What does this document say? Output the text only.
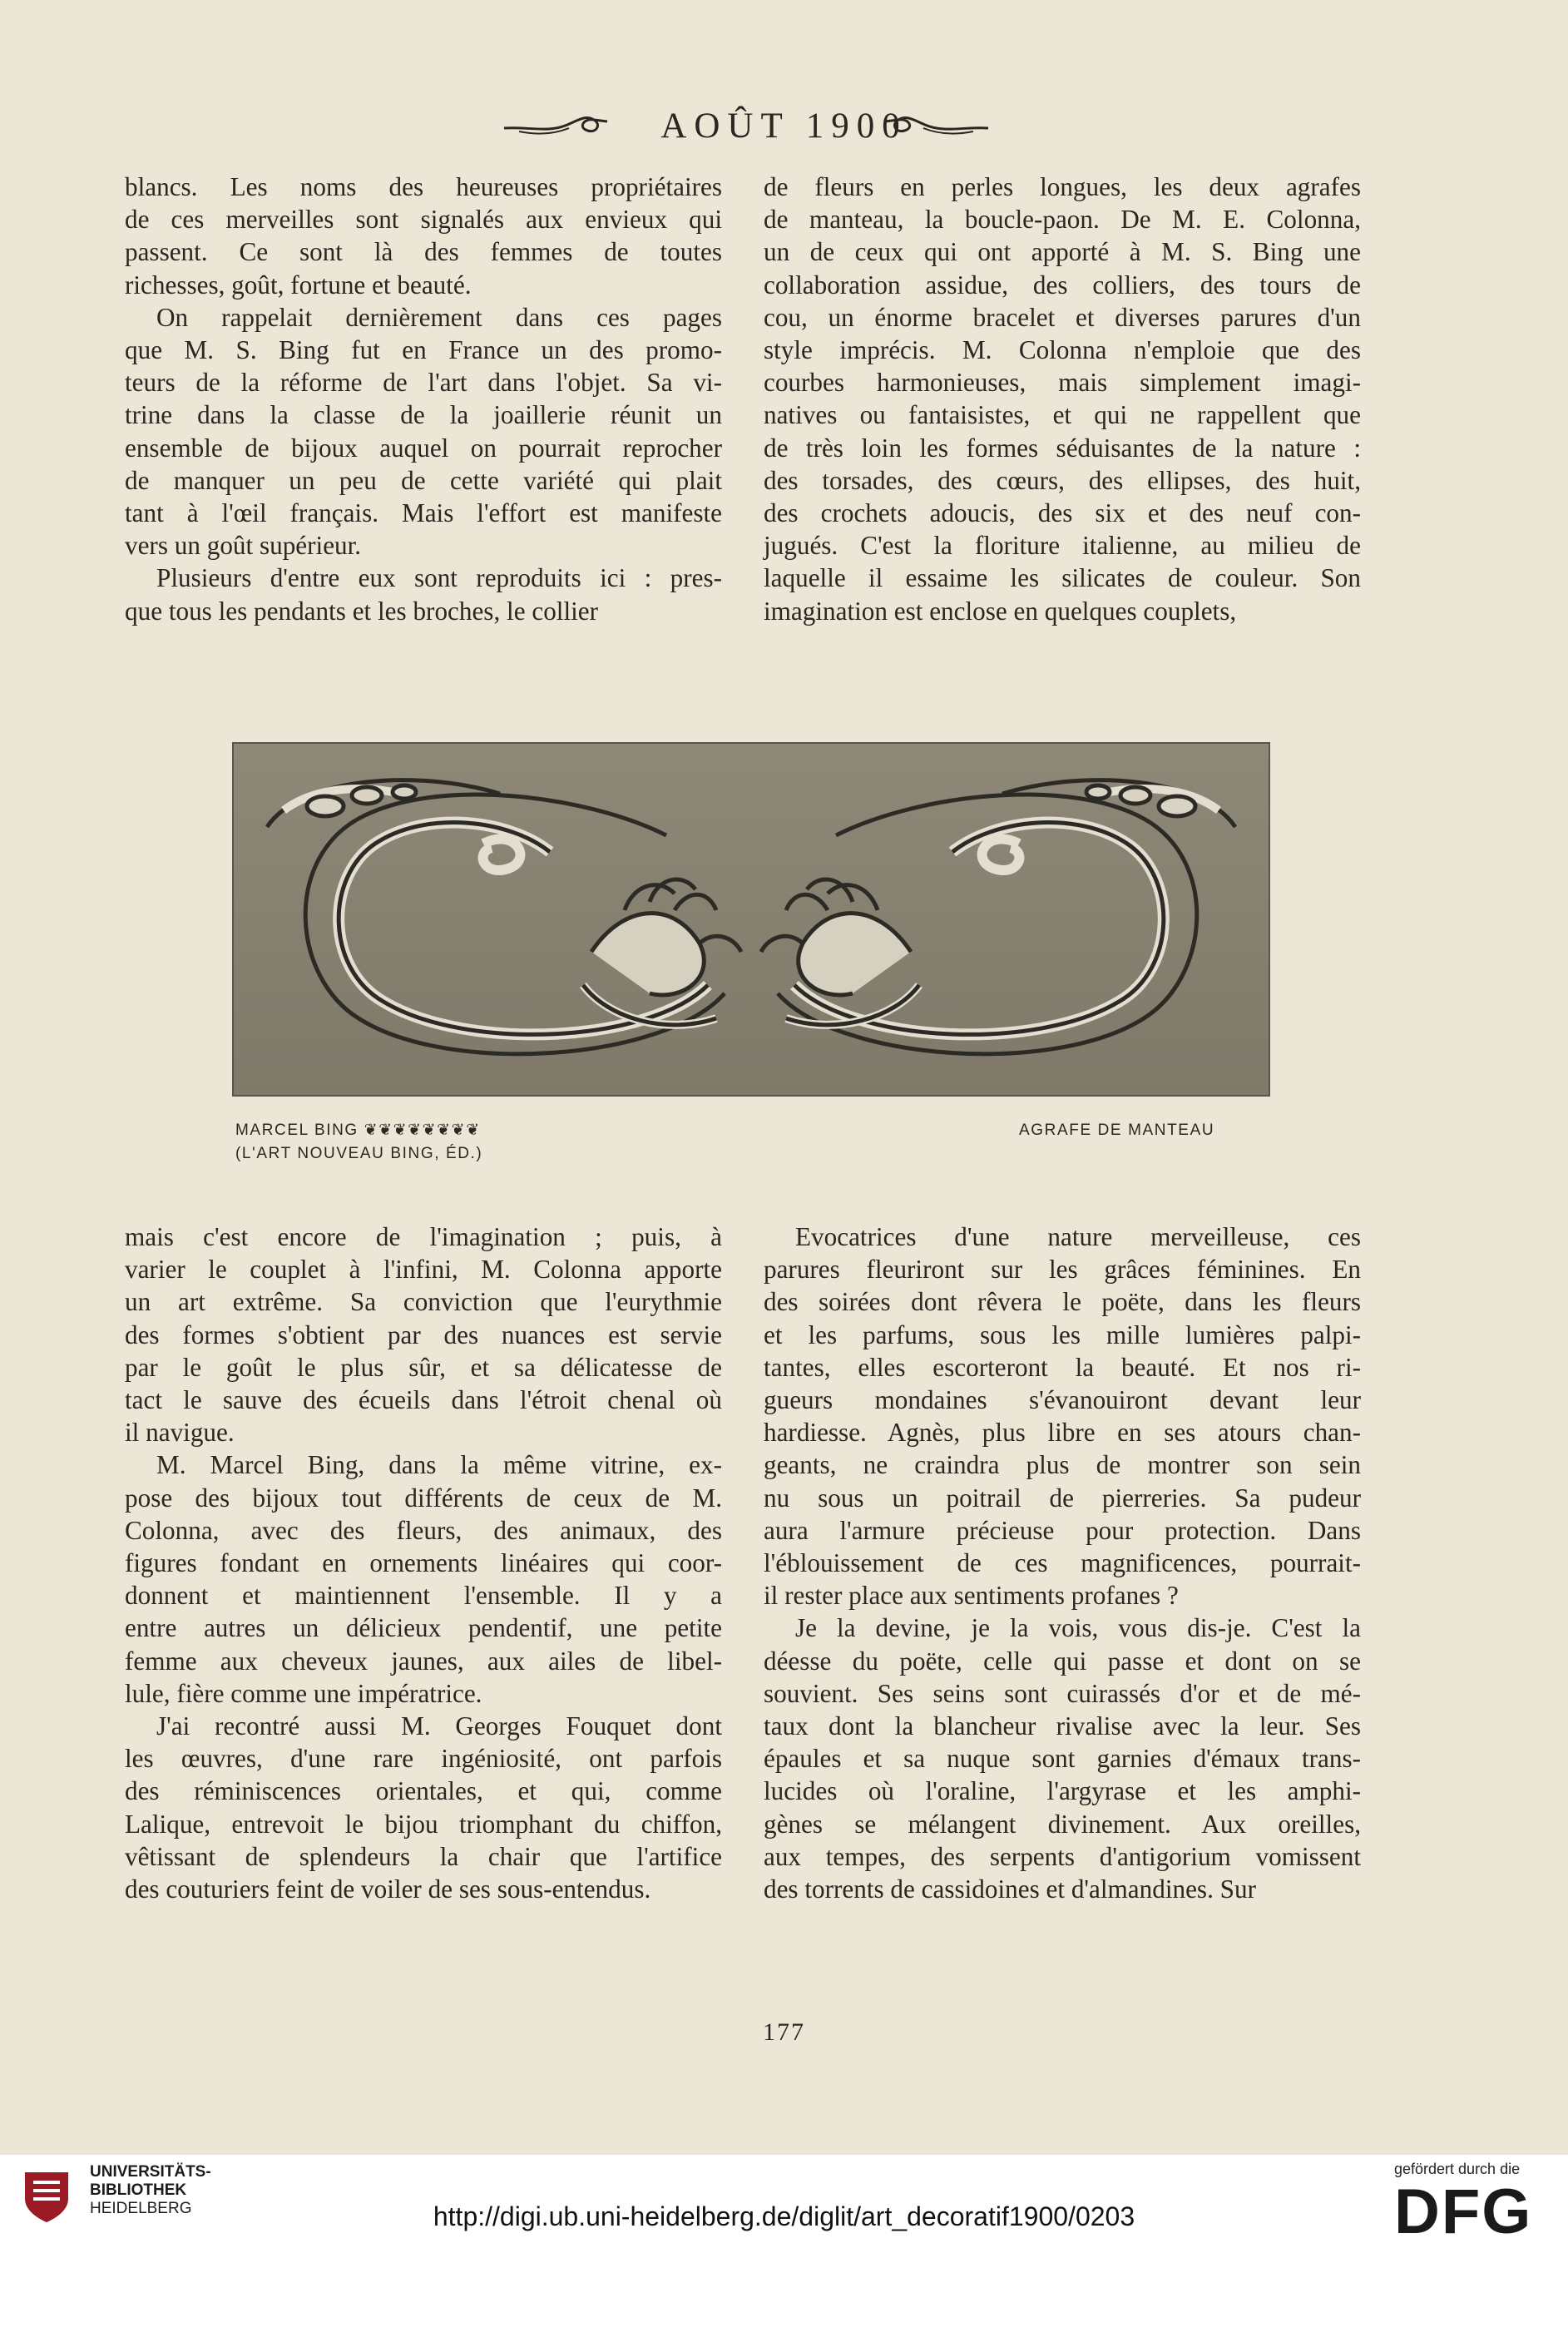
AOÛT 1900

blancs. Les noms des heureuses propriétaires
de ces merveilles sont signalés aux envieux qui
passent. Ce sont là des femmes de toutes
richesses, goût, fortune et beauté.

On rappelait dernièrement dans ces pages
que M. S. Bing fut en France un des promo-
teurs de la réforme de l'art dans l'objet. Sa vi-
trine dans la classe de la joaillerie réunit un
ensemble de bijoux auquel on pourrait reprocher
de manquer un peu de cette variété qui plait
tant à l'œil français. Mais l'effort est manifeste
vers un goût supérieur.

Plusieurs d'entre eux sont reproduits ici : pres-
que tous les pendants et les broches, le collier

de fleurs en perles longues, les deux agrafes
de manteau, la boucle-paon. De M. E. Colonna,
un de ceux qui ont apporté à M. S. Bing une
collaboration assidue, des colliers, des tours de
cou, un énorme bracelet et diverses parures d'un
style imprécis. M. Colonna n'emploie que des
courbes harmonieuses, mais simplement imagi-
natives ou fantaisistes, et qui ne rappellent que
de très loin les formes séduisantes de la nature :
des torsades, des cœurs, des ellipses, des huit,
des crochets adoucis, des six et des neuf con-
jugués. C'est la floriture italienne, au milieu de
laquelle il essaime les silicates de couleur. Son
imagination est enclose en quelques couplets,

MARCEL BING ❦❦❦❦❦❦❦❦
(L'ART NOUVEAU BING, ÉD.)
AGRAFE DE MANTEAU

mais c'est encore de l'imagination ; puis, à
varier le couplet à l'infini, M. Colonna apporte
un art extrême. Sa conviction que l'eurythmie
des formes s'obtient par des nuances est servie
par le goût le plus sûr, et sa délicatesse de
tact le sauve des écueils dans l'étroit chenal où
il navigue.

M. Marcel Bing, dans la même vitrine, ex-
pose des bijoux tout différents de ceux de M.
Colonna, avec des fleurs, des animaux, des
figures fondant en ornements linéaires qui coor-
donnent et maintiennent l'ensemble. Il y a
entre autres un délicieux pendentif, une petite
femme aux cheveux jaunes, aux ailes de libel-
lule, fière comme une impératrice.

J'ai recontré aussi M. Georges Fouquet dont
les œuvres, d'une rare ingéniosité, ont parfois
des réminiscences orientales, et qui, comme
Lalique, entrevoit le bijou triomphant du chiffon,
vêtissant de splendeurs la chair que l'artifice
des couturiers feint de voiler de ses sous-entendus.

Evocatrices d'une nature merveilleuse, ces
parures fleuriront sur les grâces féminines. En
des soirées dont rêvera le poëte, dans les fleurs
et les parfums, sous les mille lumières palpi-
tantes, elles escorteront la beauté. Et nos ri-
gueurs mondaines s'évanouiront devant leur
hardiesse. Agnès, plus libre en ses atours chan-
geants, ne craindra plus de montrer son sein
nu sous un poitrail de pierreries. Sa pudeur
aura l'armure précieuse pour protection. Dans
l'éblouissement de ces magnificences, pourrait-
il rester place aux sentiments profanes ?

Je la devine, je la vois, vous dis-je. C'est la
déesse du poëte, celle qui passe et dont on se
souvient. Ses seins sont cuirassés d'or et de mé-
taux dont la blancheur rivalise avec la leur. Ses
épaules et sa nuque sont garnies d'émaux trans-
lucides où l'oraline, l'argyrase et les amphi-
gènes se mélangent divinement. Aux oreilles,
aux tempes, des serpents d'antigorium vomissent
des torrents de cassidoines et d'almandines. Sur

177
UNIVERSITÄTS-
BIBLIOTHEK
HEIDELBERG	http://digi.ub.uni-heidelberg.de/diglit/art_decoratif1900/0203
gefördert durch die
DFG
